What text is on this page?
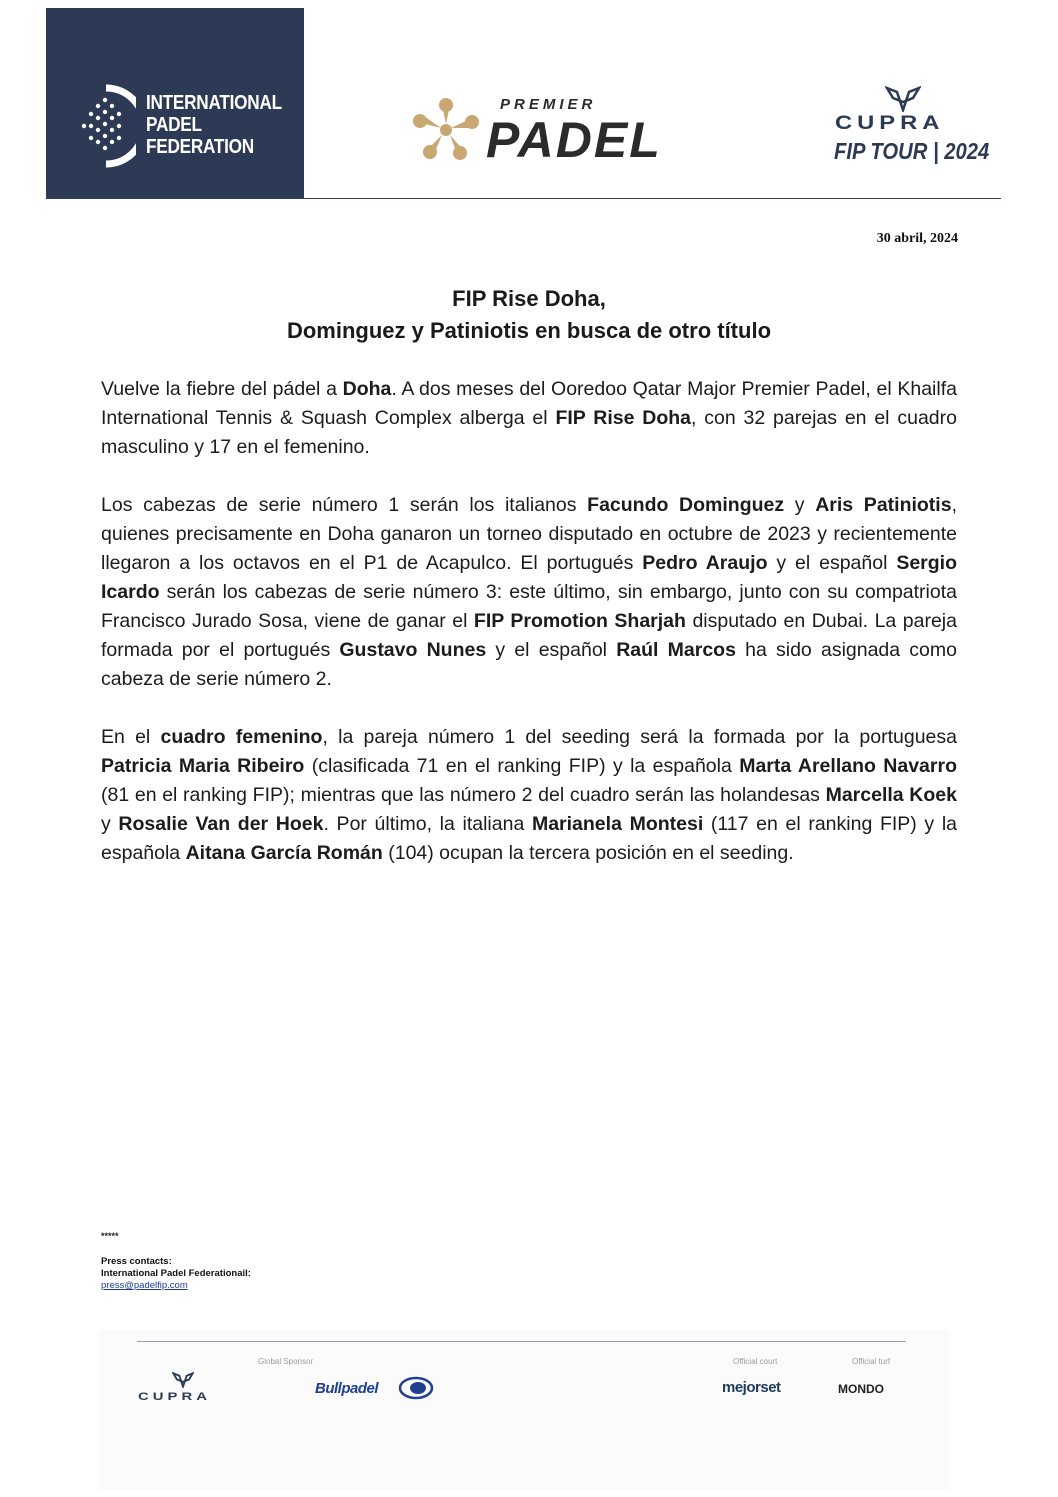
INTERNATIONAL
PADEL
FEDERATION
PREMIER
PADEL	CUPRA
FIP TOUR | 2024
30 abril, 2024
FIP Rise Doha,
Dominguez y Patiniotis en busca de otro título

Vuelve la fiebre del pádel a Doha. A dos meses del Ooredoo Qatar Major Premier Padel, el Khailfa International Tennis & Squash Complex alberga el FIP Rise Doha, con 32 parejas en el cuadro masculino y 17 en el femenino.

Los cabezas de serie número 1 serán los italianos Facundo Dominguez y Aris Patiniotis, quienes precisamente en Doha ganaron un torneo disputado en octubre de 2023 y recientemente llegaron a los octavos en el P1 de Acapulco. El portugués Pedro Araujo y el español Sergio Icardo serán los cabezas de serie número 3: este último, sin embargo, junto con su compatriota Francisco Jurado Sosa, viene de ganar el FIP Promotion Sharjah disputado en Dubai. La pareja formada por el portugués Gustavo Nunes y el español Raúl Marcos ha sido asignada como cabeza de serie número 2.

En el cuadro femenino, la pareja número 1 del seeding será la formada por la portuguesa Patricia Maria Ribeiro (clasificada 71 en el ranking FIP) y la española Marta Arellano Navarro (81 en el ranking FIP); mientras que las número 2 del cuadro serán las holandesas Marcella Koek y Rosalie Van der Hoek. Por último, la italiana Marianela Montesi (117 en el ranking FIP) y la española Aitana García Román (104) ocupan la tercera posición en el seeding.

*****
Press contacts:
International Padel Federationail:
press@padelfip.com
Global Sponsor	Official court	Official turf
CUPRA	Bullpadel	mejorset	MONDO
